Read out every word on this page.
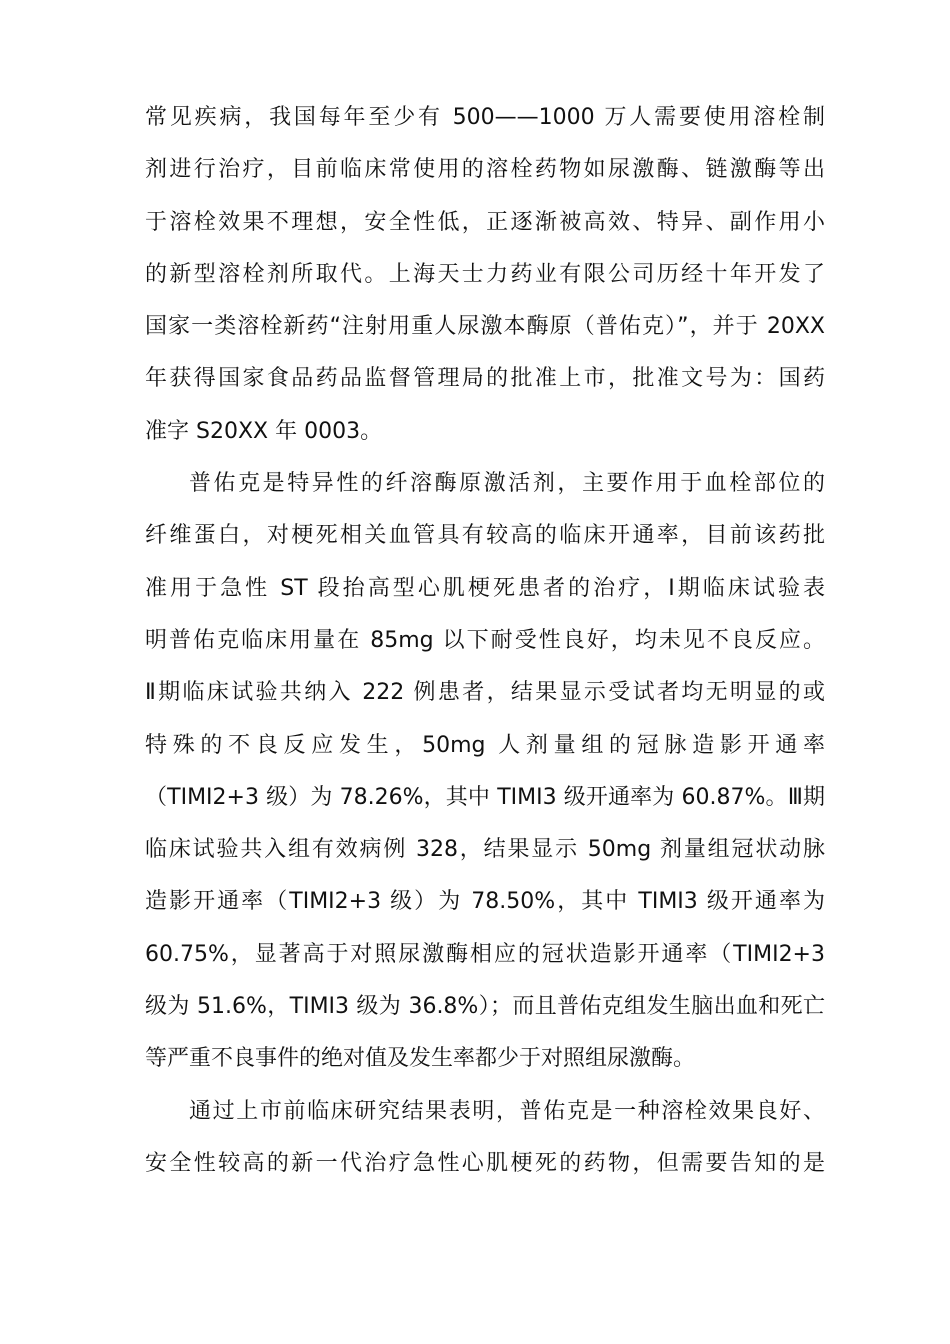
常见疾病，我国每年至少有 500——1000 万人需要使用溶栓制
剂进行治疗，目前临床常使用的溶栓药物如尿激酶、链激酶等出
于溶栓效果不理想，安全性低，正逐渐被高效、特异、副作用小
的新型溶栓剂所取代。上海天士力药业有限公司历经十年开发了
国家一类溶栓新药“注射用重人尿激本酶原（普佑克）”，并于 20XX
年获得国家食品药品监督管理局的批准上市，批准文号为：国药
准字 S20XX 年 0003。
普佑克是特异性的纤溶酶原激活剂，主要作用于血栓部位的
纤维蛋白，对梗死相关血管具有较高的临床开通率，目前该药批
准用于急性 ST 段抬高型心肌梗死患者的治疗，Ⅰ期临床试验表
明普佑克临床用量在 85mg 以下耐受性良好，均未见不良反应。
Ⅱ期临床试验共纳入 222 例患者，结果显示受试者均无明显的或
特殊的不良反应发生，50mg 人剂量组的冠脉造影开通率
（TIMI2+3 级）为 78.26%，其中 TIMI3 级开通率为 60.87%。Ⅲ期
临床试验共入组有效病例 328，结果显示 50mg 剂量组冠状动脉
造影开通率（TIMI2+3 级）为 78.50%，其中 TIMI3 级开通率为
60.75%，显著高于对照尿激酶相应的冠状造影开通率（TIMI2+3
级为 51.6%，TIMI3 级为 36.8%）；而且普佑克组发生脑出血和死亡
等严重不良事件的绝对值及发生率都少于对照组尿激酶。
通过上市前临床研究结果表明，普佑克是一种溶栓效果良好、
安全性较高的新一代治疗急性心肌梗死的药物，但需要告知的是
